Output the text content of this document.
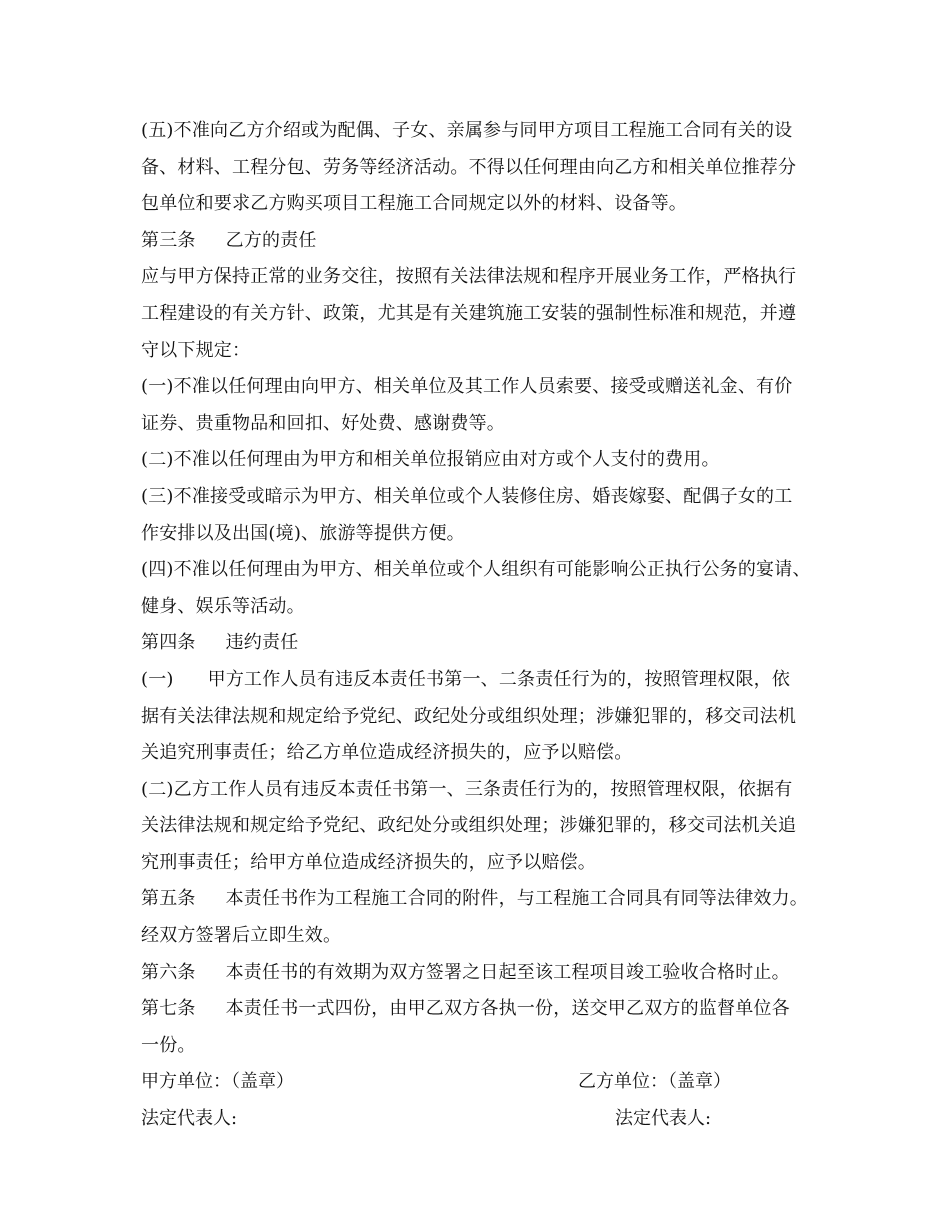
(五)不准向乙方介绍或为配偶、子女、亲属参与同甲方项目工程施工合同有关的设
备、材料、工程分包、劳务等经济活动。不得以任何理由向乙方和相关单位推荐分
包单位和要求乙方购买项目工程施工合同规定以外的材料、设备等。
第三条 乙方的责任
应与甲方保持正常的业务交往，按照有关法律法规和程序开展业务工作，严格执行
工程建设的有关方针、政策，尤其是有关建筑施工安装的强制性标准和规范，并遵
守以下规定：
(一)不准以任何理由向甲方、相关单位及其工作人员索要、接受或赠送礼金、有价
证券、贵重物品和回扣、好处费、感谢费等。
(二)不准以任何理由为甲方和相关单位报销应由对方或个人支付的费用。
(三)不准接受或暗示为甲方、相关单位或个人装修住房、婚丧嫁娶、配偶子女的工
作安排以及出国(境)、旅游等提供方便。
(四)不准以任何理由为甲方、相关单位或个人组织有可能影响公正执行公务的宴请、
健身、娱乐等活动。
第四条 违约责任
(一) 甲方工作人员有违反本责任书第一、二条责任行为的，按照管理权限，依
据有关法律法规和规定给予党纪、政纪处分或组织处理；涉嫌犯罪的，移交司法机
关追究刑事责任；给乙方单位造成经济损失的，应予以赔偿。
(二)乙方工作人员有违反本责任书第一、三条责任行为的，按照管理权限，依据有
关法律法规和规定给予党纪、政纪处分或组织处理；涉嫌犯罪的，移交司法机关追
究刑事责任；给甲方单位造成经济损失的，应予以赔偿。
第五条 本责任书作为工程施工合同的附件，与工程施工合同具有同等法律效力。
经双方签署后立即生效。
第六条 本责任书的有效期为双方签署之日起至该工程项目竣工验收合格时止。
第七条 本责任书一式四份，由甲乙双方各执一份，送交甲乙双方的监督单位各
一份。
甲方单位：（盖章）	乙方单位：（盖章）
法定代表人:	法定代表人:
